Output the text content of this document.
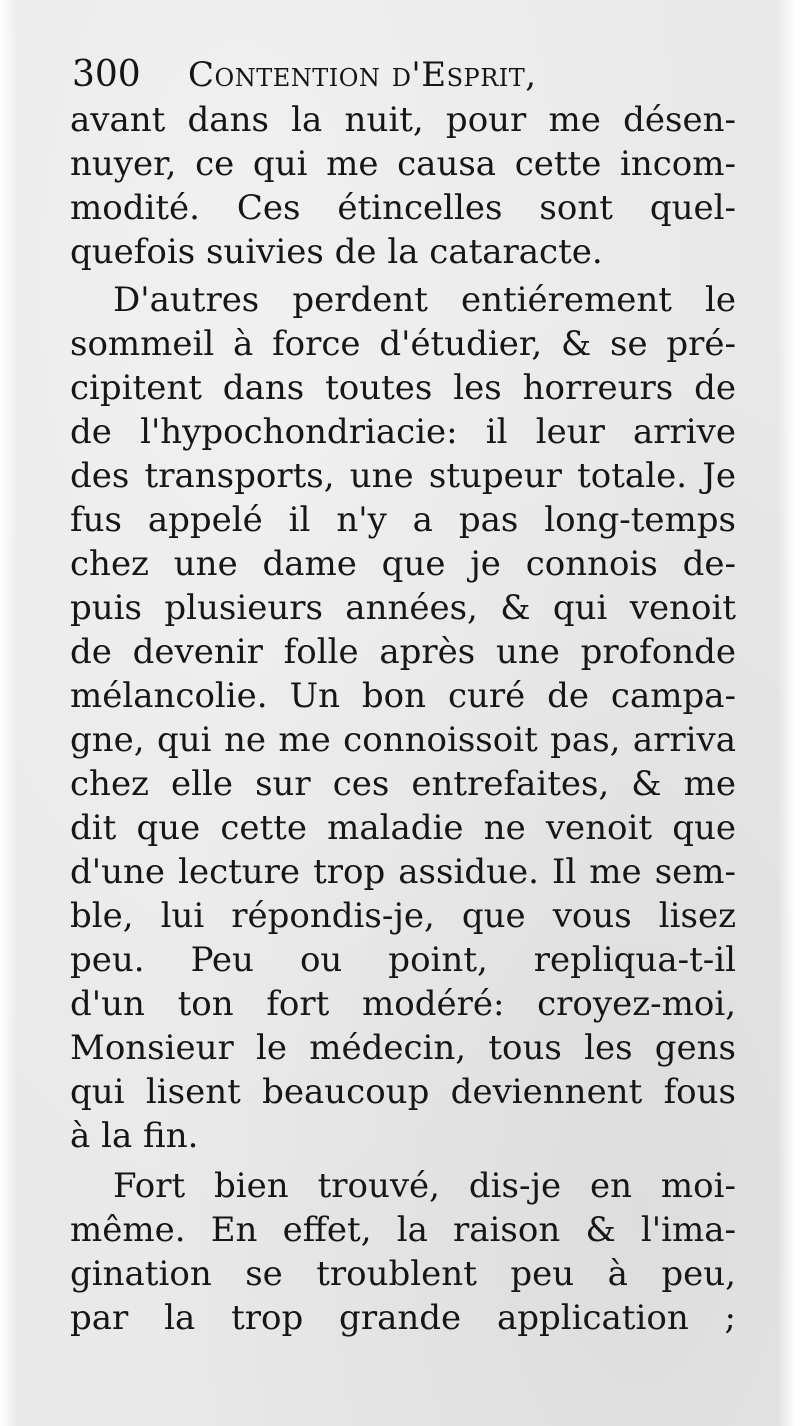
300 Contention d'Esprit,
avant dans la nuit, pour me désen-
nuyer, ce qui me causa cette incom-
modité. Ces étincelles sont quel-
quefois suivies de la cataracte.
D'autres perdent entiérement le
sommeil à force d'étudier, & se pré-
cipitent dans toutes les horreurs de
de l'hypochondriacie: il leur arrive
des transports, une stupeur totale. Je
fus appelé il n'y a pas long-temps
chez une dame que je connois de-
puis plusieurs années, & qui venoit
de devenir folle après une profonde
mélancolie. Un bon curé de campa-
gne, qui ne me connoissoit pas, arriva
chez elle sur ces entrefaites, & me
dit que cette maladie ne venoit que
d'une lecture trop assidue. Il me sem-
ble, lui répondis-je, que vous lisez
peu. Peu ou point, repliqua-t-il
d'un ton fort modéré: croyez-moi,
Monsieur le médecin, tous les gens
qui lisent beaucoup deviennent fous
à la fin.
Fort bien trouvé, dis-je en moi-
même. En effet, la raison & l'ima-
gination se troublent peu à peu,
par la trop grande application ;
